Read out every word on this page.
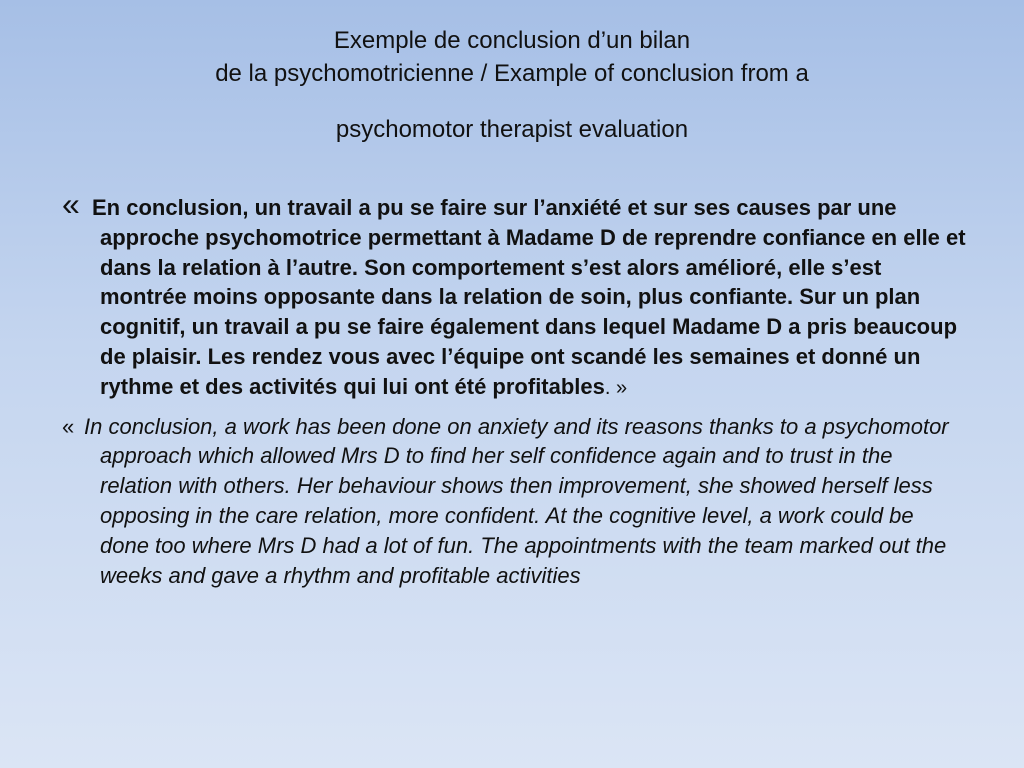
Exemple de conclusion d’un bilan
de la psychomotricienne / Example of conclusion from a
psychomotor therapist evaluation

« En conclusion, un travail a pu se faire sur l’anxiété et sur ses causes par une approche psychomotrice permettant à Madame D de reprendre confiance en elle et dans la relation à l’autre. Son comportement s’est alors amélioré, elle s’est montrée moins opposante dans la relation de soin, plus confiante. Sur un plan cognitif, un travail a pu se faire également dans lequel Madame D a pris beaucoup de plaisir. Les rendez vous avec l’équipe ont scandé les semaines et donné un rythme et des activités qui lui ont été profitables. »

« In conclusion, a work has been done on anxiety and its reasons thanks to a psychomotor approach which allowed Mrs D to find her self confidence again and to trust in the relation with others. Her behaviour shows then improvement, she showed herself less opposing in the care relation, more confident. At the cognitive level, a work could be done too where Mrs D had a lot of fun. The appointments with the team marked out the weeks and gave a rhythm and profitable activities
